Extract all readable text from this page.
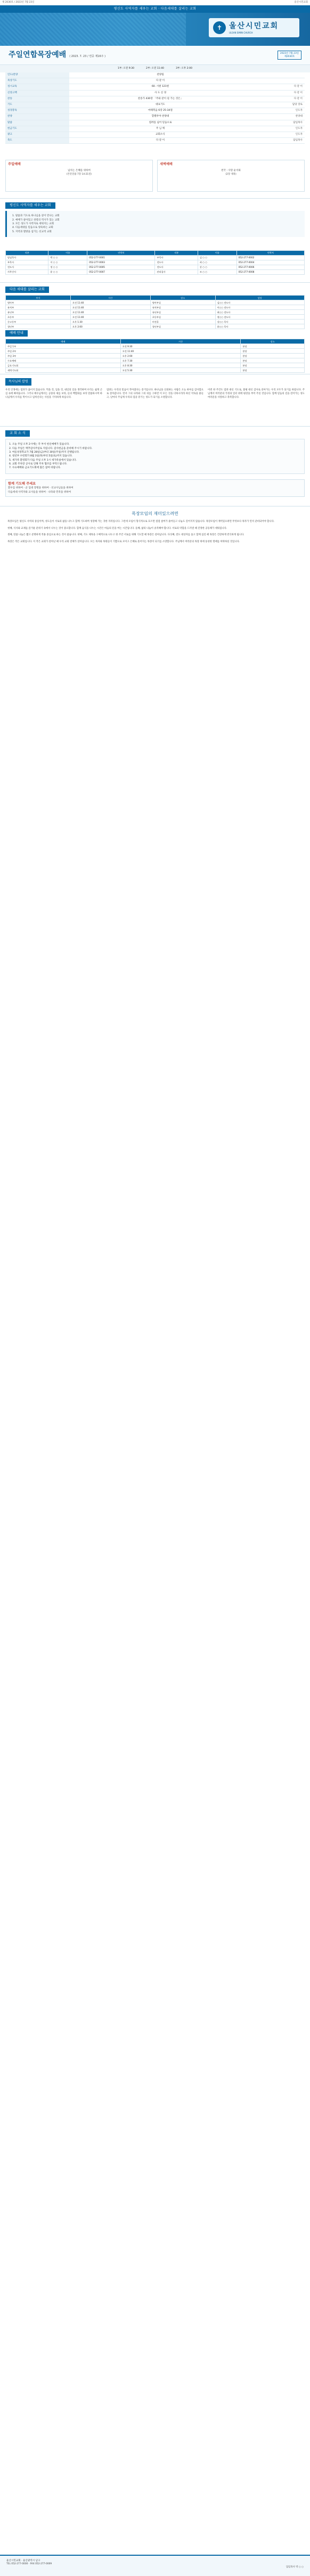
제 2030호 / 2023년 7월 23일	울산시민교회
평신도 사역자를 세우는 교회 · 다음세대를 살리는 교회
✝ 울산시민교회
ULSAN SIMIN CHURCH
주일연합목장예배 ( 2023. 7. 23 / 연중 제16주 )
2023년 7월 23일
제2030호
1부: 오전 9:30	2부: 오전 11:40	3부: 오후 2:00
인도/찬양	찬양팀	
묵상기도	다 같 이	
성시교독	60. 시편 121편	다 같 이
신앙고백	사 도 신 경	다 같 이
찬송	찬송가 430장 「주와 같이 길 가는 것은」	다 같 이
기도	대표기도	담당 장로
성경봉독	마태복음 6장 25-34절	인도자
찬양	할렐루야 찬양대	찬양대
말씀	염려를 넘어 믿음으로	담임목사
헌금기도	주 님 께	인도자
광고	교회소식	인도자
축도	다 같 이	담임목사
주일예배
넘치는 은혜를 위하여
(본문말씀 7장 14-21절)
새벽예배
천국 : 사랑 순서와
(2장 제목)
평신도 사역자를 세우는 교회
1. 말씀과 기도로 하나님을 깊이 만나는 교회
2. 예배가 살아있고 성령의 역사가 있는 교회
3. 모든 성도가 사역자로 세워지는 교회
4. 다음세대를 믿음으로 양육하는 교회
5. 지역과 열방을 섬기는 선교적 교회
직분	이름	연락처	직분	이름	연락처
담임목사	박 ○ ○	052-277-0001	부목사	김 ○ ○	052-277-0002
부목사	이 ○ ○	052-277-0003	전도사	최 ○ ○	052-277-0004
전도사	정 ○ ○	052-277-0005	전도사	강 ○ ○	052-277-0006
사무간사	윤 ○ ○	052-277-0007	관리집사	조 ○ ○	052-277-0008
다음 세대를 살리는 교회
부서	시간	장소	담당
영아부	오전 11:40	영아부실	김○○ 전도사
유치부	오전 11:40	유치부실	이○○ 전도사
유년부	오전 11:40	유년부실	최○○ 전도사
초등부	오전 11:40	초등부실	정○○ 전도사
중고등부	오후 1:30	비전홀	강○○ 목사
청년부	오후 2:00	청년부실	윤○○ 목사
예배 안내
예배	시간	장소
주일 1부	오전 9:30	본당
주일 2부	오전 11:40	본당
주일 3부	오후 2:00	본당
수요예배	오후 7:30	본당
금요기도회	오후 8:30	본당
새벽기도회	오전 5:30	본당
목사님의 칼럼
우리 인생에는 염려가 끊이지 않습니다. 먹을 것, 입을 것, 내일의 일을 생각하며 우리는 쉽게 근심 속에 빠져듭니다. 그러나 예수님께서는 공중의 새를 보라, 들의 백합화를 보라 말씀하시며 하나님께서 우리를 먹이시고 입히신다는 사실을 기억하게 하십니다.
염려는 우리의 믿음이 작아졌다는 증거입니다. 하나님을 신뢰하는 사람은 오늘 하루를 감사함으로 살아갑니다. 먼저 그의 나라와 그의 의를 구하면 이 모든 것을 더하시리라 하신 약속을 붙들고, 날마다 주님께 우리의 짐을 맡기는 성도가 되기를 소원합니다.
이번 한 주간도 염려 대신 기도로, 불평 대신 감사로 살아가는 우리 모두가 되기를 바랍니다. 주님께서 여러분의 가정과 일터 위에 평강을 부어 주실 것입니다. 함께 믿음의 길을 걸어가는 성도 여러분을 사랑하고 축복합니다.
교 회 소 식
1. 오늘 주일 오후 2시에는 각 부서 헌신예배가 있습니다.
2. 다음 주일은 맥추감사주일로 지킵니다. 감사헌금을 준비해 주시기 바랍니다.
3. 여름성경학교가 7월 28일(금)부터 30일(주일)까지 진행됩니다.
4. 청년부 수련회가 8월 3일(목)부터 5일(토)까지 있습니다.
5. 새가족 환영회가 다음 주일 오후 1시 새가족실에서 있습니다.
6. 교회 주차장 공사로 인해 주차 협조를 부탁드립니다.
7. 수요예배와 금요기도회에 많은 참여 바랍니다.
함께 기도해 주세요
환우를 위하여 · 군 입대 장병을 위하여 · 선교사님들을 위하여
다음세대 사역자와 교사들을 위하여 · 나라와 민족을 위하여
목장모임의 재미있으려면

목장모임은 평신도 사역의 중심이며, 성도들이 서로의 삶을 나누고 함께 기도하며 성장해 가는 귀한 자리입니다. 그런데 모임이 형식적으로 흐르면 점점 참여가 줄어들고 나눔도 깊어지지 않습니다. 목장모임이 재미있으려면 무엇보다 목자가 먼저 준비되어야 합니다.

첫째, 식사와 교제를 즐거운 분위기 속에서 나누는 것이 중요합니다. 함께 음식을 나누는 시간은 마음의 문을 여는 시간입니다. 둘째, 삶의 나눔이 솔직해야 합니다. 서로의 약함을 드러낼 때 진정한 공동체가 세워집니다.

셋째, 말씀 나눔은 짧고 분명하게 적용 중심으로 하는 것이 좋습니다. 넷째, 기도 제목을 구체적으로 나누고 한 주간 서로를 위해 기도할 때 목장은 살아납니다. 다섯째, 전도 대상자를 품고 함께 섬길 때 목장은 건강하게 번식하게 됩니다.

목장은 작은 교회입니다. 이 작은 교회가 살아날 때 우리 교회 전체가 살아납니다. 모든 목자와 목원들이 기쁨으로 모이고 은혜로 흩어지는 목장이 되기를 소망합니다. 주님께서 여러분의 목장 위에 풍성한 열매를 허락하실 것입니다.

울산시민교회 · 울산광역시 남구
TEL 052-277-0000 · FAX 052-277-0009
담임목사 박 ○ ○
